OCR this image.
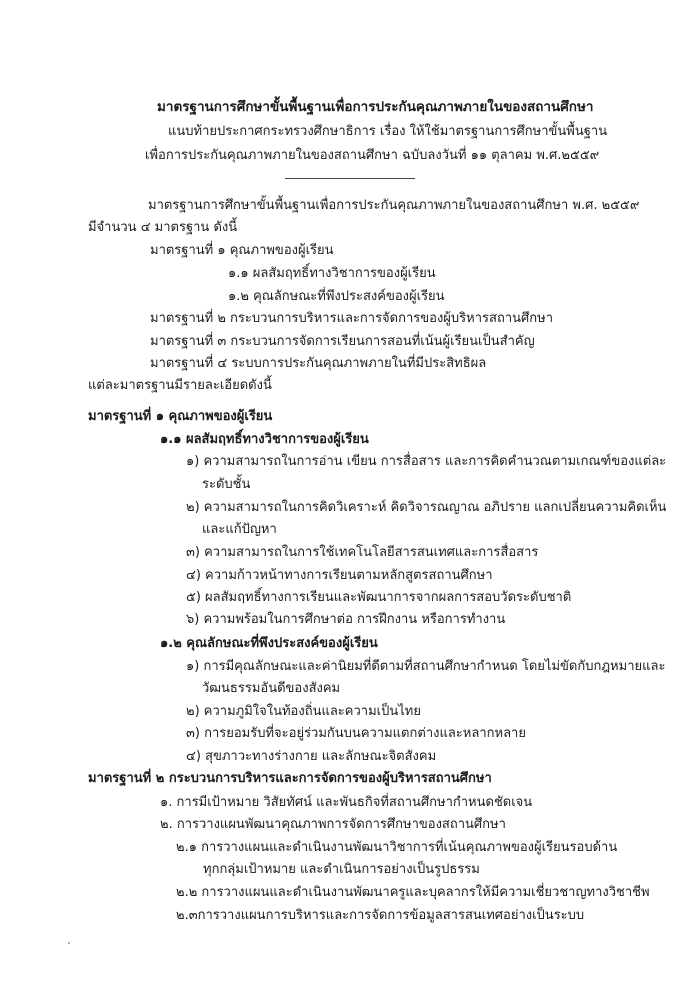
มาตรฐานการศึกษาขั้นพื้นฐานเพื่อการประกันคุณภาพภายในของสถานศึกษา
แนบท้ายประกาศกระทรวงศึกษาธิการ เรื่อง ให้ใช้มาตรฐานการศึกษาขั้นพื้นฐาน
เพื่อการประกันคุณภาพภายในของสถานศึกษา ฉบับลงวันที่ ๑๑ ตุลาคม พ.ศ.๒๕๕๙
มาตรฐานการศึกษาขั้นพื้นฐานเพื่อการประกันคุณภาพภายในของสถานศึกษา พ.ศ. ๒๕๕๙
มีจำนวน ๔ มาตรฐาน ดังนี้
มาตรฐานที่ ๑ คุณภาพของผู้เรียน
๑.๑ ผลสัมฤทธิ์ทางวิชาการของผู้เรียน
๑.๒ คุณลักษณะที่พึงประสงค์ของผู้เรียน
มาตรฐานที่ ๒ กระบวนการบริหารและการจัดการของผู้บริหารสถานศึกษา
มาตรฐานที่ ๓ กระบวนการจัดการเรียนการสอนที่เน้นผู้เรียนเป็นสำคัญ
มาตรฐานที่ ๔ ระบบการประกันคุณภาพภายในที่มีประสิทธิผล
แต่ละมาตรฐานมีรายละเอียดดังนี้
มาตรฐานที่ ๑ คุณภาพของผู้เรียน
๑.๑ ผลสัมฤทธิ์ทางวิชาการของผู้เรียน
๑) ความสามารถในการอ่าน เขียน การสื่อสาร และการคิดคำนวณตามเกณฑ์ของแต่ละ
ระดับชั้น
๒) ความสามารถในการคิดวิเคราะห์ คิดวิจารณญาณ อภิปราย แลกเปลี่ยนความคิดเห็น
และแก้ปัญหา
๓) ความสามารถในการใช้เทคโนโลยีสารสนเทศและการสื่อสาร
๔) ความก้าวหน้าทางการเรียนตามหลักสูตรสถานศึกษา
๕) ผลสัมฤทธิ์ทางการเรียนและพัฒนาการจากผลการสอบวัดระดับชาติ
๖) ความพร้อมในการศึกษาต่อ การฝึกงาน หรือการทำงาน
๑.๒ คุณลักษณะที่พึงประสงค์ของผู้เรียน
๑) การมีคุณลักษณะและค่านิยมที่ดีตามที่สถานศึกษากำหนด โดยไม่ขัดกับกฎหมายและ
วัฒนธรรมอันดีของสังคม
๒) ความภูมิใจในท้องถิ่นและความเป็นไทย
๓) การยอมรับที่จะอยู่ร่วมกันบนความแตกต่างและหลากหลาย
๔) สุขภาวะทางร่างกาย และลักษณะจิตสังคม
มาตรฐานที่ ๒ กระบวนการบริหารและการจัดการของผู้บริหารสถานศึกษา
๑. การมีเป้าหมาย วิสัยทัศน์ และพันธกิจที่สถานศึกษากำหนดชัดเจน
๒. การวางแผนพัฒนาคุณภาพการจัดการศึกษาของสถานศึกษา
๒.๑ การวางแผนและดำเนินงานพัฒนาวิชาการที่เน้นคุณภาพของผู้เรียนรอบด้าน
ทุกกลุ่มเป้าหมาย และดำเนินการอย่างเป็นรูปธรรม
๒.๒ การวางแผนและดำเนินงานพัฒนาครูและบุคลากรให้มีความเชี่ยวชาญทางวิชาชีพ
๒.๓การวางแผนการบริหารและการจัดการข้อมูลสารสนเทศอย่างเป็นระบบ
